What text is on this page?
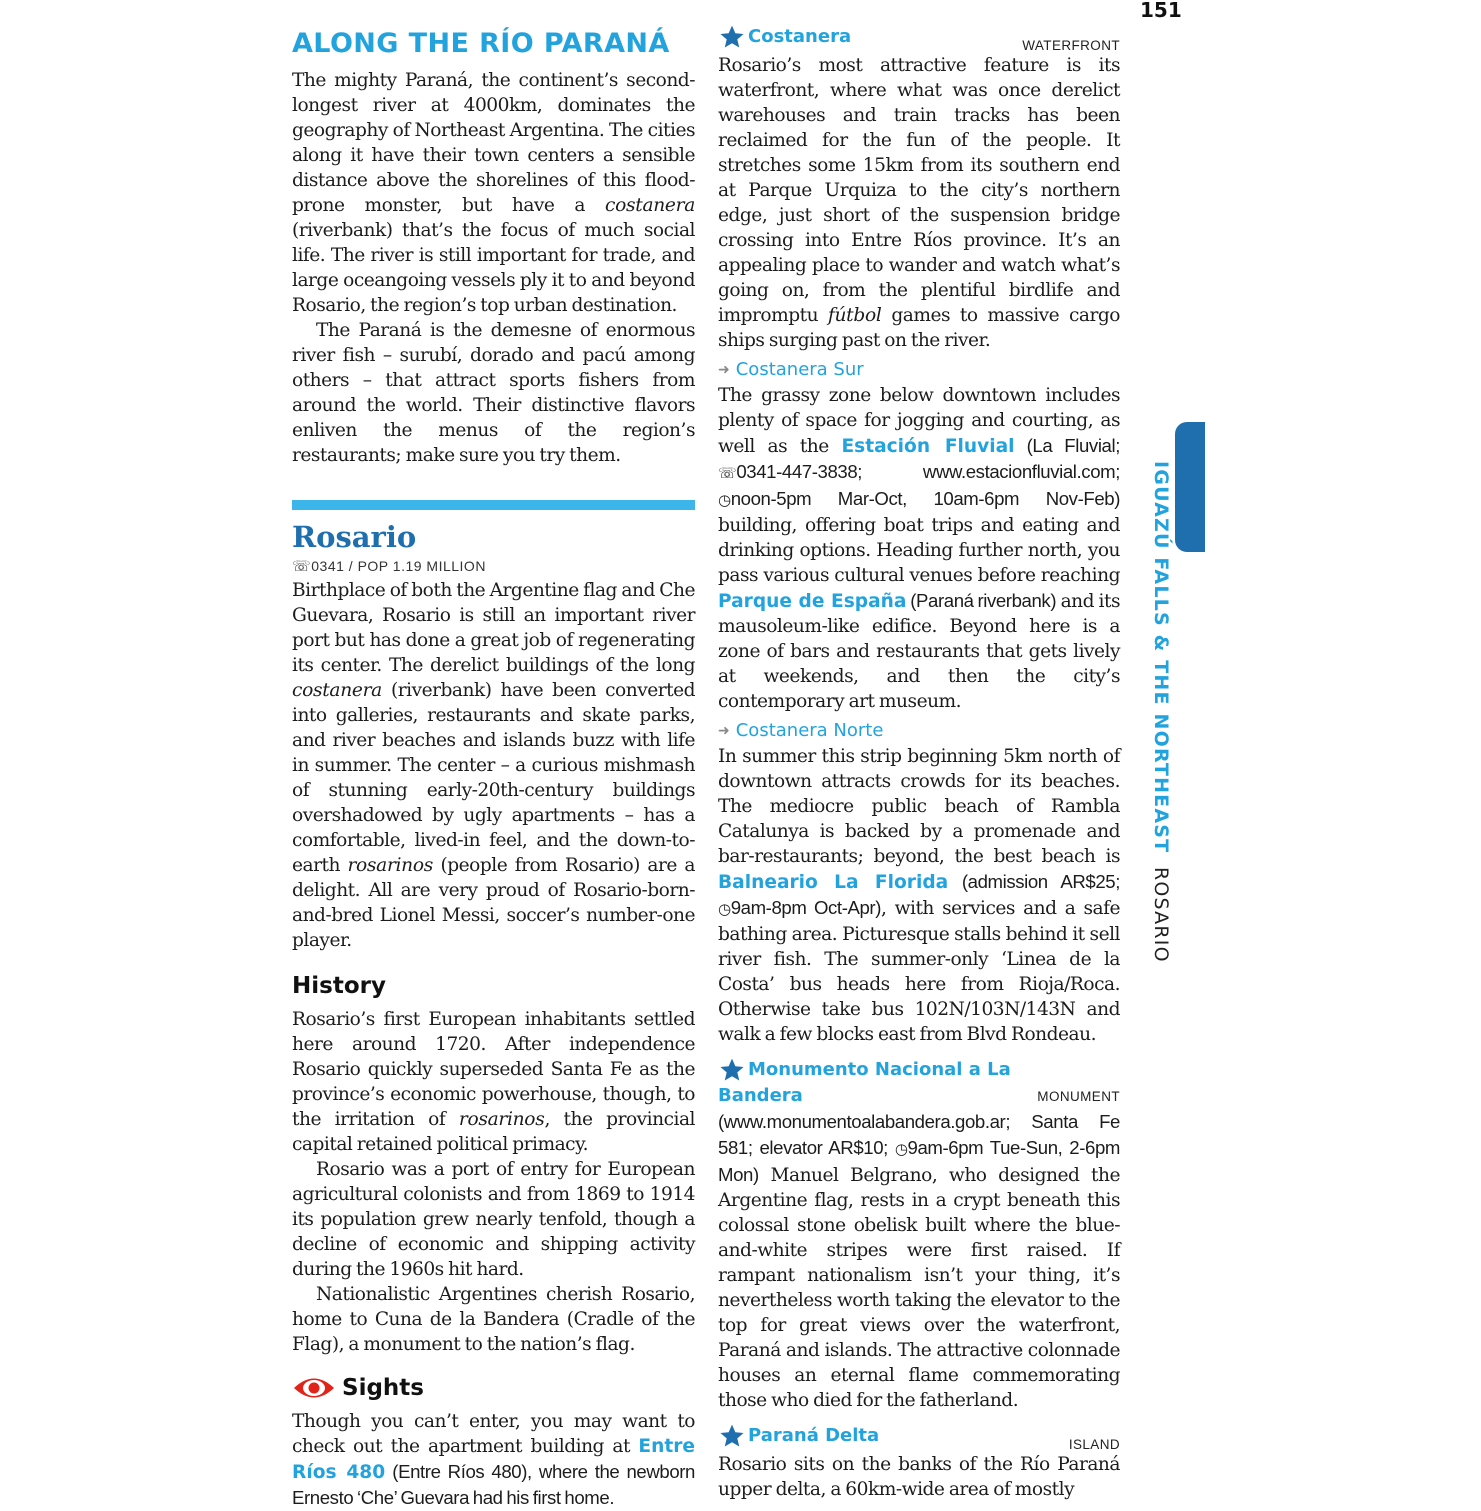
151
ALONG THE RÍO PARANÁ

The mighty Paraná, the continent’s second-longest river at 4000km, dominates the geography of Northeast Argentina. The cities along it have their town centers a sensible distance above the shorelines of this flood-prone monster, but have a costanera (riverbank) that’s the focus of much social life. The river is still important for trade, and large oceangoing vessels ply it to and beyond Rosario, the region’s top urban destination.

The Paraná is the demesne of enormous river fish – surubí, dorado and pacú among others – that attract sports fishers from around the world. Their distinctive flavors enliven the menus of the region’s restaurants; make sure you try them.

Rosario
☏0341 / POP 1.19 MILLION

Birthplace of both the Argentine flag and Che Guevara, Rosario is still an important river port but has done a great job of regenerating its center. The derelict buildings of the long costanera (riverbank) have been converted into galleries, restaurants and skate parks, and river beaches and islands buzz with life in summer. The center – a curious mishmash of stunning early-20th-century buildings overshadowed by ugly apartments – has a comfortable, lived-in feel, and the down-to-earth rosarinos (people from Rosario) are a delight. All are very proud of Rosario-born-and-bred Lionel Messi, soccer’s number-one player.

History

Rosario’s first European inhabitants settled here around 1720. After independence Rosario quickly superseded Santa Fe as the province’s economic powerhouse, though, to the irritation of rosarinos, the provincial capital retained political primacy.

Rosario was a port of entry for European agricultural colonists and from 1869 to 1914 its population grew nearly tenfold, though a decline of economic and shipping activity during the 1960s hit hard.

Nationalistic Argentines cherish Rosario, home to Cuna de la Bandera (Cradle of the Flag), a monument to the nation’s flag.

Sights

Though you can’t enter, you may want to check out the apartment building at Entre Ríos 480 (Entre Ríos 480), where the newborn Ernesto ‘Che’ Guevara had his first home.

Costanera	WATERFRONT

Rosario’s most attractive feature is its waterfront, where what was once derelict warehouses and train tracks has been reclaimed for the fun of the people. It stretches some 15km from its southern end at Parque Urquiza to the city’s northern edge, just short of the suspension bridge crossing into Entre Ríos province. It’s an appealing place to wander and watch what’s going on, from the plentiful birdlife and impromptu fútbol games to massive cargo ships surging past on the river.

➜ Costanera Sur

The grassy zone below downtown includes plenty of space for jogging and courting, as well as the Estación Fluvial (La Fluvial; ☏0341-447-3838; www.estacionfluvial.com; ◷noon-5pm Mar-Oct, 10am-6pm Nov-Feb) building, offering boat trips and eating and drinking options. Heading further north, you pass various cultural venues before reaching Parque de España (Paraná riverbank) and its mausoleum-like edifice. Beyond here is a zone of bars and restaurants that gets lively at weekends, and then the city’s contemporary art museum.

➜ Costanera Norte

In summer this strip beginning 5km north of downtown attracts crowds for its beaches. The mediocre public beach of Rambla Catalunya is backed by a promenade and bar-restaurants; beyond, the best beach is Balneario La Florida (admission AR$25; ◷9am-8pm Oct-Apr), with services and a safe bathing area. Picturesque stalls behind it sell river fish. The summer-only ‘Linea de la Costa’ bus heads here from Rioja/Roca. Otherwise take bus 102N/103N/143N and walk a few blocks east from Blvd Rondeau.

Monumento Nacional a La
Bandera	MONUMENT

(www.monumentoalabandera.gob.ar; Santa Fe 581; elevator AR$10; ◷9am-6pm Tue-Sun, 2-6pm Mon) Manuel Belgrano, who designed the Argentine flag, rests in a crypt beneath this colossal stone obelisk built where the blue-and-white stripes were first raised. If rampant nationalism isn’t your thing, it’s nevertheless worth taking the elevator to the top for great views over the waterfront, Paraná and islands. The attractive colonnade houses an eternal flame commemorating those who died for the fatherland.

Paraná Delta	ISLAND

Rosario sits on the banks of the Río Paraná upper delta, a 60km-wide area of mostly

IGUAZÚ FALLS & THE NORTHEAST ROSARIO
